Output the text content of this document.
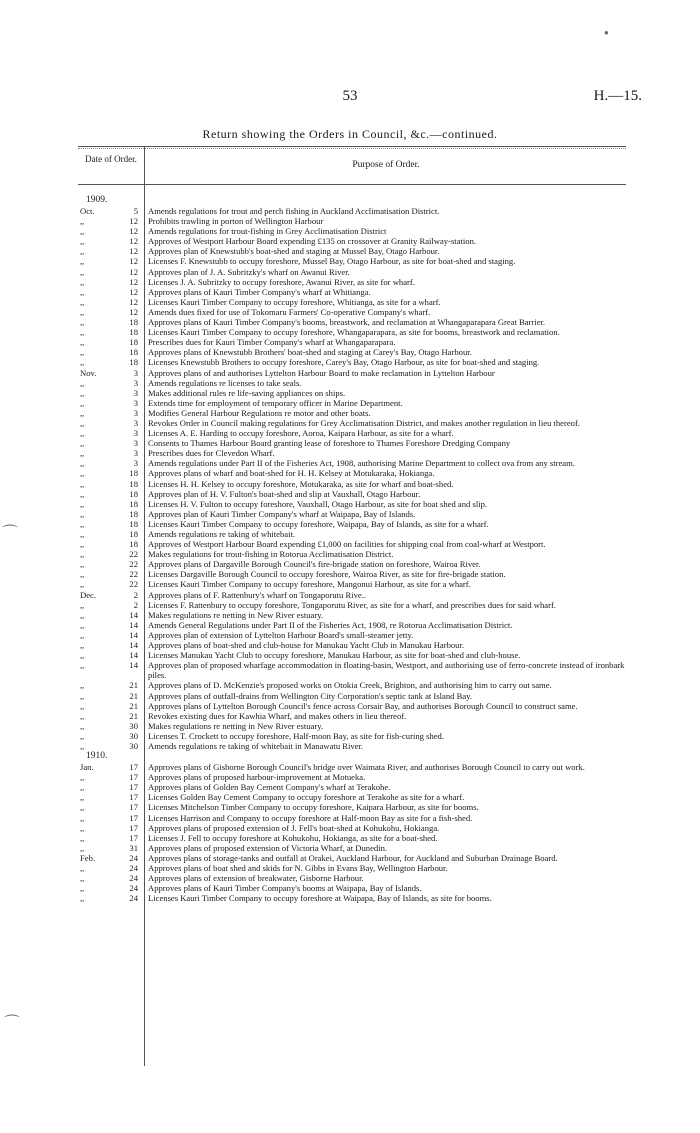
53	H.—15.
Return showing the Orders in Council, &c.—continued.
Date of Order.
Purpose of Order.
1909.
Oct.	5	Amends regulations for trout and perch fishing in Auckland Acclimatisation District.
,,	12	Prohibits trawling in porton of Wellington Harbour
,,	12	Amends regulations for trout-fishing in Grey Acclimatisation District
,,	12	Approves of Westport Harbour Board expending £135 on crossover at Granity Railway-station.
,,	12	Approves plan of Knewstubb's boat-shed and staging at Mussel Bay, Otago Harbour.
,,	12	Licenses F. Knewstubb to occupy foreshore, Mussel Bay, Otago Harbour, as site for boat-shed and staging.
,,	12	Approves plan of J. A. Subritzky's wharf on Awanui River.
,,	12	Licenses J. A. Subritzky to occupy foreshore, Awanui River, as site for wharf.
,,	12	Approves plans of Kauri Timber Company's wharf at Whitianga.
,,	12	Licenses Kauri Timber Company to occupy foreshore, Whitianga, as site for a wharf.
,,	12	Amends dues fixed for use of Tokomaru Farmers' Co-operative Company's wharf.
,,	18	Approves plans of Kauri Timber Company's booms, breastwork, and reclamation at Whangaparapara Great Barrier.
,,	18	Licenses Kauri Timber Company to occupy foreshore, Whangaparapara, as site for booms, breastwork and reclamation.
,,	18	Prescribes dues for Kauri Timber Company's wharf at Whangaparapara.
,,	18	Approves plans of Knewstubb Brothers' boat-shed and staging at Carey's Bay, Otago Harbour.
,,	18	Licenses Knewstubb Brothers to occupy foreshore, Carey's Bay, Otago Harbour, as site for boat-shed and staging.
Nov.	3	Approves plans of and authorises Lyttelton Harbour Board to make reclamation in Lyttelton Harbour
,,	3	Amends regulations re licenses to take seals.
,,	3	Makes additional rules re life-saving appliances on ships.
,,	3	Extends time for employment of temporary officer in Marine Department.
,,	3	Modifies General Harbour Regulations re motor and other boats.
,,	3	Revokes Order in Council making regulations for Grey Acclimatisation District, and makes another regulation in lieu thereof.
,,	3	Licenses A. E. Harding to occupy foreshore, Aoroa, Kaipara Harbour, as site for a wharf.
,,	3	Consents to Thames Harbour Board granting lease of foreshore to Thames Foreshore Dredging Company
,,	3	Prescribes dues for Clevedon Wharf.
,,	3	Amends regulations under Part II of the Fisheries Act, 1908, authorising Marine Department to collect ova from any stream.
,,	18	Approves plans of wharf and boat-shed for H. H. Kelsey at Motukaraka, Hokianga.
,,	18	Licenses H. H. Kelsey to occupy foreshore, Motukaraka, as site for wharf and boat-shed.
,,	18	Approves plan of H. V. Fulton's boat-shed and slip at Vauxhall, Otago Harbour.
,,	18	Licenses H. V. Fulton to occupy foreshore, Vauxhall, Otago Harbour, as site for boat shed and slip.
,,	18	Approves plan of Kauri Timber Company's wharf at Waipapa, Bay of Islands.
,,	18	Licenses Kauri Timber Company to occupy foreshore, Waipapa, Bay of Islands, as site for a wharf.
,,	18	Amends regulations re taking of whitebait.
,,	18	Approves of Westport Harbour Board expending £1,000 on facilities for shipping coal from coal-wharf at Westport.
,,	22	Makes regulations for trout-fishing in Rotorua Acclimatisation District.
,,	22	Approves plans of Dargaville Borough Council's fire-brigade station on foreshore, Wairoa River.
,,	22	Licenses Dargaville Borough Council to occupy foreshore, Wairoa River, as site for fire-brigade station.
,,	22	Licenses Kauri Timber Company to occupy foreshore, Mangonui Harbour, as site for a wharf.
Dec.	2	Approves plans of F. Rattenbury's wharf on Tongaporutu Rive..
,,	2	Licenses F. Rattenbury to occupy foreshore, Tongaporutu River, as site for a wharf, and prescribes dues for said wharf.
,,	14	Makes regulations re netting in New River estuary.
,,	14	Amends General Regulations under Part II of the Fisheries Act, 1908, re Rotorua Acclimatisation District.
,,	14	Approves plan of extension of Lyttelton Harbour Board's small-steamer jetty.
,,	14	Approves plans of boat-shed and club-house for Manukau Yacht Club in Manukau Harbour.
,,	14	Licenses Manukau Yacht Club to occupy foreshore, Manukau Harbour, as site for boat-shed and club-house.
,,	14	Approves plan of proposed wharfage accommodation in floating-basin, Westport, and authorising use of ferro-concrete instead of ironbark piles.
,,	21	Approves plans of D. McKenzie's proposed works on Otokia Creek, Brighton, and authorising him to carry out same.
,,	21	Approves plans of outfall-drains from Wellington City Corporation's septic tank at Island Bay.
,,	21	Approves plans of Lyttelton Borough Council's fence across Corsair Bay, and authorises Borough Council to construct same.
,,	21	Revokes existing dues for Kawhia Wharf, and makes others in lieu thereof.
,,	30	Makes regulations re netting in New River estuary.
,,	30	Licenses T. Crockett to occupy foreshore, Half-moon Bay, as site for fish-curing shed.
,,	30	Amends regulations re taking of whitebait in Manawatu River.
1910.
Jan.	17	Approves plans of Gisborne Borough Council's bridge over Waimata River, and authorises Borough Council to carry out work.
,,	17	Approves plans of proposed harbour-improvement at Motueka.
,,	17	Approves plans of Golden Bay Cement Company's wharf at Terakohe.
,,	17	Licenses Golden Bay Cement Company to occupy foreshore at Terakohe as site for a wharf.
,,	17	Licenses Mitchelson Timber Company to occupy foreshore, Kaipara Harbour, as site for booms.
,,	17	Licenses Harrison and Company to occupy foreshore at Half-moon Bay as site for a fish-shed.
,,	17	Approves plans of proposed extension of J. Fell's boat-shed at Kohukohu, Hokianga.
,,	17	Licenses J. Fell to occupy foreshore at Kohukohu, Hokianga, as site for a boat-shed.
,,	31	Approves plans of proposed extension of Victoria Wharf, at Dunedin.
Feb.	24	Approves plans of storage-tanks and outfall at Orakei, Auckland Harbour, for Auckland and Suburban Drainage Board.
,,	24	Approves plans of boat shed and skids for N. Gibbs in Evans Bay, Wellington Harbour.
,,	24	Approves plans of extension of breakwater, Gisborne Harbour.
,,	24	Approves plans of Kauri Timber Company's booms at Waipapa, Bay of Islands.
,,	24	Licenses Kauri Timber Company to occupy foreshore at Waipapa, Bay of Islands, as site for booms.
⌒
⌒
●
